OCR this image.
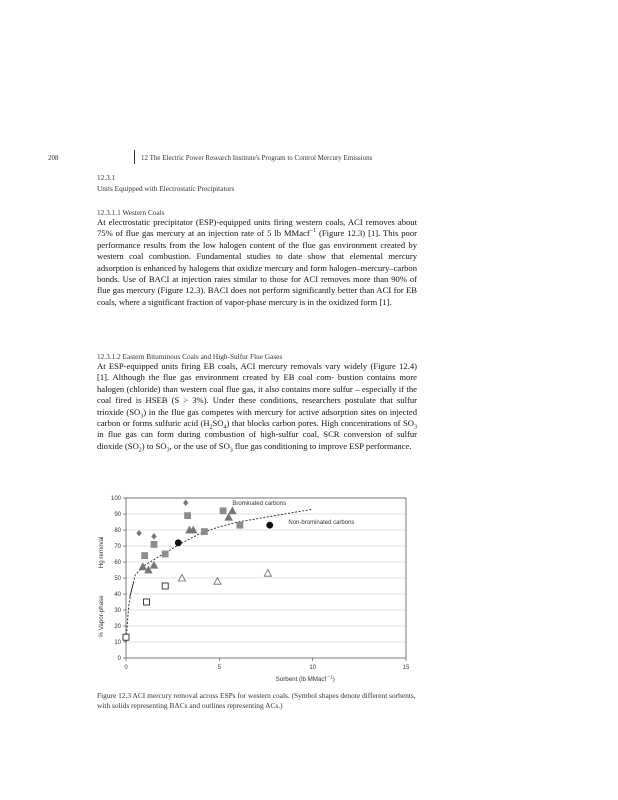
208	12 The Electric Power Research Institute's Program to Control Mercury Emissions
12.3.1
Units Equipped with Electrostatic Precipitators
12.3.1.1 Western Coals
At electrostatic precipitator (ESP)-equipped units firing western coals, ACI removes about 75% of flue gas mercury at an injection rate of 5 lb MMacf$^{-1}$ (Figure 12.3) [1]. This poor performance results from the low halogen content of the flue gas environment created by western coal combustion. Fundamental studies to date show that elemental mercury adsorption is enhanced by halogens that oxidize mercury and form halogen–mercury–carbon bonds. Use of BACI at injection rates similar to those for ACI removes more than 90% of flue gas mercury (Figure 12.3). BACI does not perform significantly better than ACI for EB coals, where a significant fraction of vapor-phase mercury is in the oxidized form [1].
12.3.1.2 Eastern Bituminous Coals and High-Sulfur Flue Gases
At ESP-equipped units firing EB coals, ACI mercury removals vary widely (Figure 12.4) [1]. Although the flue gas environment created by EB coal com- bustion contains more halogen (chloride) than western coal flue gas, it also contains more sulfur – especially if the coal fired is HSEB (S > 3%). Under these conditions, researchers postulate that sulfur trioxide $(SO_3)$ in the flue gas competes with mercury for active adsorption sites on injected carbon or forms sulfuric acid $(H_2SO_4)$ that blocks carbon pores. High concentrations of $SO_3$ in flue gas can form during combustion of high-sulfur coal, SCR conversion of sulfur dioxide $(SO_2)$ to $SO_3$, or the use of $SO_3$ flue gas conditioning to improve ESP performance.
0
10
20
30
40
50
60
70
80
90
100
0	5	10	15
Brominated carbons
Non-brominated carbons
Sorbent (lb MMacf $^{-1}$)
Hg removal
% Vapor-phase
Figure 12.3 ACI mercury removal across ESPs for western coals. (Symbol shapes denote different sorbents, with solids representing BACs and outlines representing ACs.)
